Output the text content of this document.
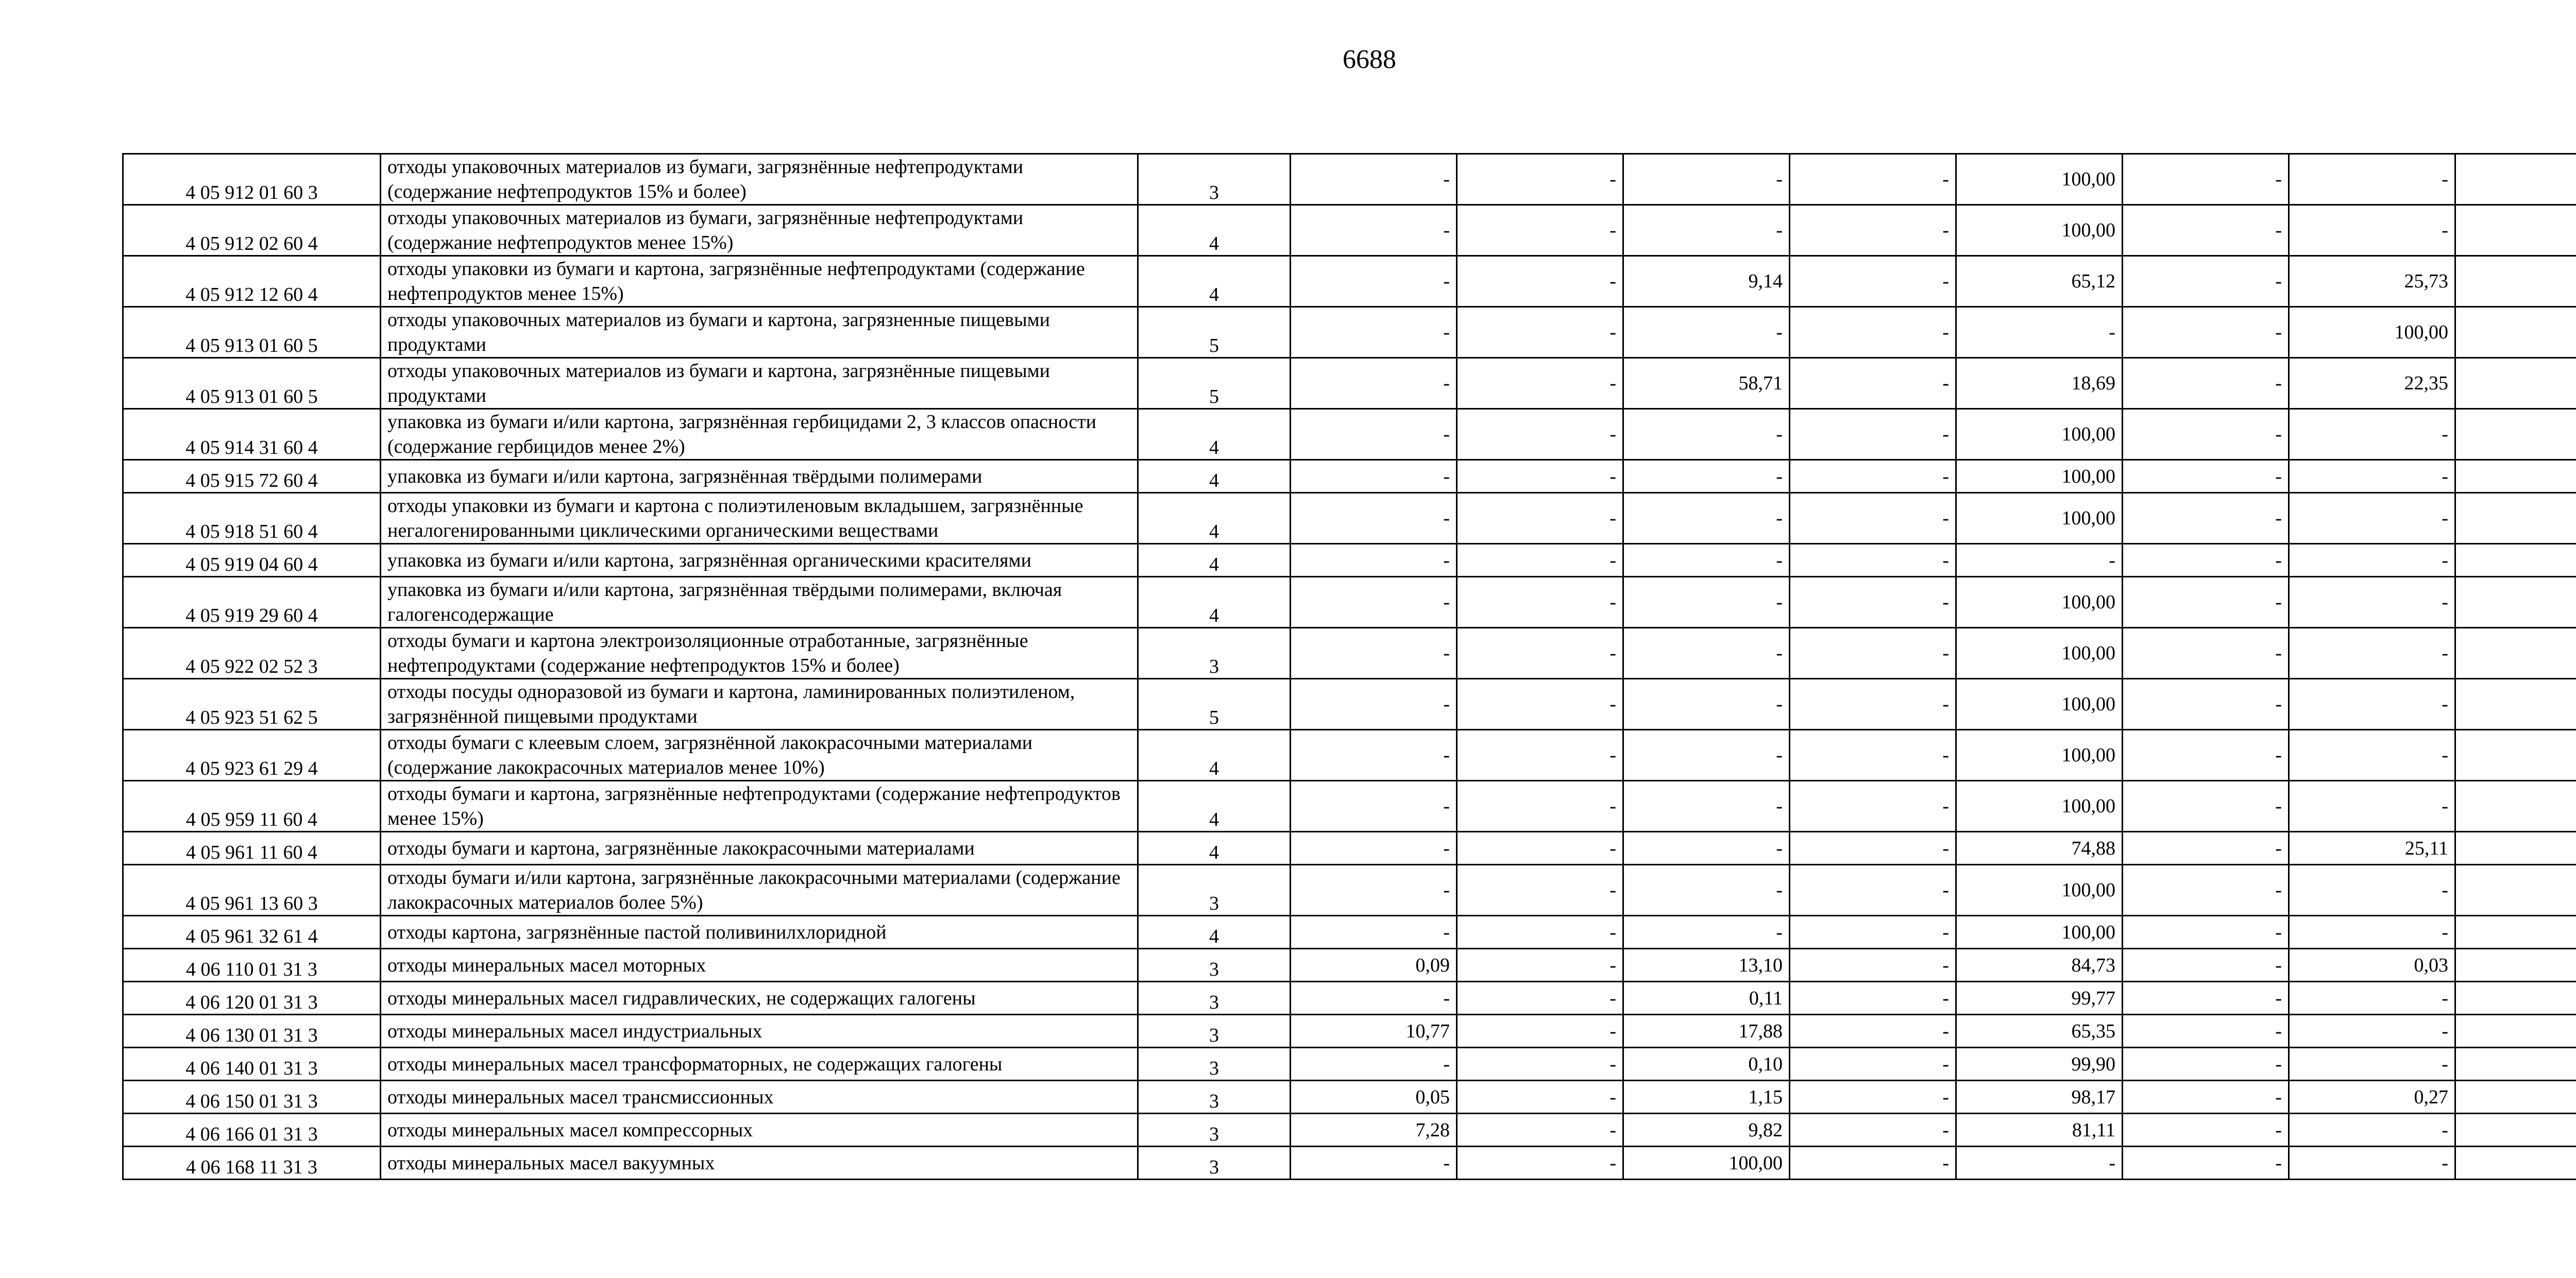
6688
4 05 912 01 60 3	отходы упаковочных материалов из бумаги, загрязнённые нефтепродуктами (содержание нефтепродуктов 15% и более)	3	-	-	-	-	100,00	-	-	
4 05 912 02 60 4	отходы упаковочных материалов из бумаги, загрязнённые нефтепродуктами (содержание нефтепродуктов менее 15%)	4	-	-	-	-	100,00	-	-	
4 05 912 12 60 4	отходы упаковки из бумаги и картона, загрязнённые нефтепродуктами (содержание нефтепродуктов менее 15%)	4	-	-	9,14	-	65,12	-	25,73	
4 05 913 01 60 5	отходы упаковочных материалов из бумаги и картона, загрязненные пищевыми продуктами	5	-	-	-	-	-	-	100,00	
4 05 913 01 60 5	отходы упаковочных материалов из бумаги и картона, загрязнённые пищевыми продуктами	5	-	-	58,71	-	18,69	-	22,35	
4 05 914 31 60 4	упаковка из бумаги и/или картона, загрязнённая гербицидами 2, 3 классов опасности (содержание гербицидов менее 2%)	4	-	-	-	-	100,00	-	-	
4 05 915 72 60 4	упаковка из бумаги и/или картона, загрязнённая твёрдыми полимерами	4	-	-	-	-	100,00	-	-	
4 05 918 51 60 4	отходы упаковки из бумаги и картона с полиэтиленовым вкладышем, загрязнённые негалогенированными циклическими органическими веществами	4	-	-	-	-	100,00	-	-	
4 05 919 04 60 4	упаковка из бумаги и/или картона, загрязнённая органическими красителями	4	-	-	-	-	-	-	-	
4 05 919 29 60 4	упаковка из бумаги и/или картона, загрязнённая твёрдыми полимерами, включая галогенсодержащие	4	-	-	-	-	100,00	-	-	
4 05 922 02 52 3	отходы бумаги и картона электроизоляционные отработанные, загрязнённые нефтепродуктами (содержание нефтепродуктов 15% и более)	3	-	-	-	-	100,00	-	-	
4 05 923 51 62 5	отходы посуды одноразовой из бумаги и картона, ламинированных полиэтиленом, загрязнённой пищевыми продуктами	5	-	-	-	-	100,00	-	-	
4 05 923 61 29 4	отходы бумаги с клеевым слоем, загрязнённой лакокрасочными материалами (содержание лакокрасочных материалов менее 10%)	4	-	-	-	-	100,00	-	-	
4 05 959 11 60 4	отходы бумаги и картона, загрязнённые нефтепродуктами (содержание нефтепродуктов менее 15%)	4	-	-	-	-	100,00	-	-	
4 05 961 11 60 4	отходы бумаги и картона, загрязнённые лакокрасочными материалами	4	-	-	-	-	74,88	-	25,11	
4 05 961 13 60 3	отходы бумаги и/или картона, загрязнённые лакокрасочными материалами (содержание лакокрасочных материалов более 5%)	3	-	-	-	-	100,00	-	-	
4 05 961 32 61 4	отходы картона, загрязнённые пастой поливинилхлоридной	4	-	-	-	-	100,00	-	-	
4 06 110 01 31 3	отходы минеральных масел моторных	3	0,09	-	13,10	-	84,73	-	0,03	
4 06 120 01 31 3	отходы минеральных масел гидравлических, не содержащих галогены	3	-	-	0,11	-	99,77	-	-	
4 06 130 01 31 3	отходы минеральных масел индустриальных	3	10,77	-	17,88	-	65,35	-	-	
4 06 140 01 31 3	отходы минеральных масел трансформаторных, не содержащих галогены	3	-	-	0,10	-	99,90	-	-	
4 06 150 01 31 3	отходы минеральных масел трансмиссионных	3	0,05	-	1,15	-	98,17	-	0,27	
4 06 166 01 31 3	отходы минеральных масел компрессорных	3	7,28	-	9,82	-	81,11	-	-	
4 06 168 11 31 3	отходы минеральных масел вакуумных	3	-	-	100,00	-	-	-	-	
